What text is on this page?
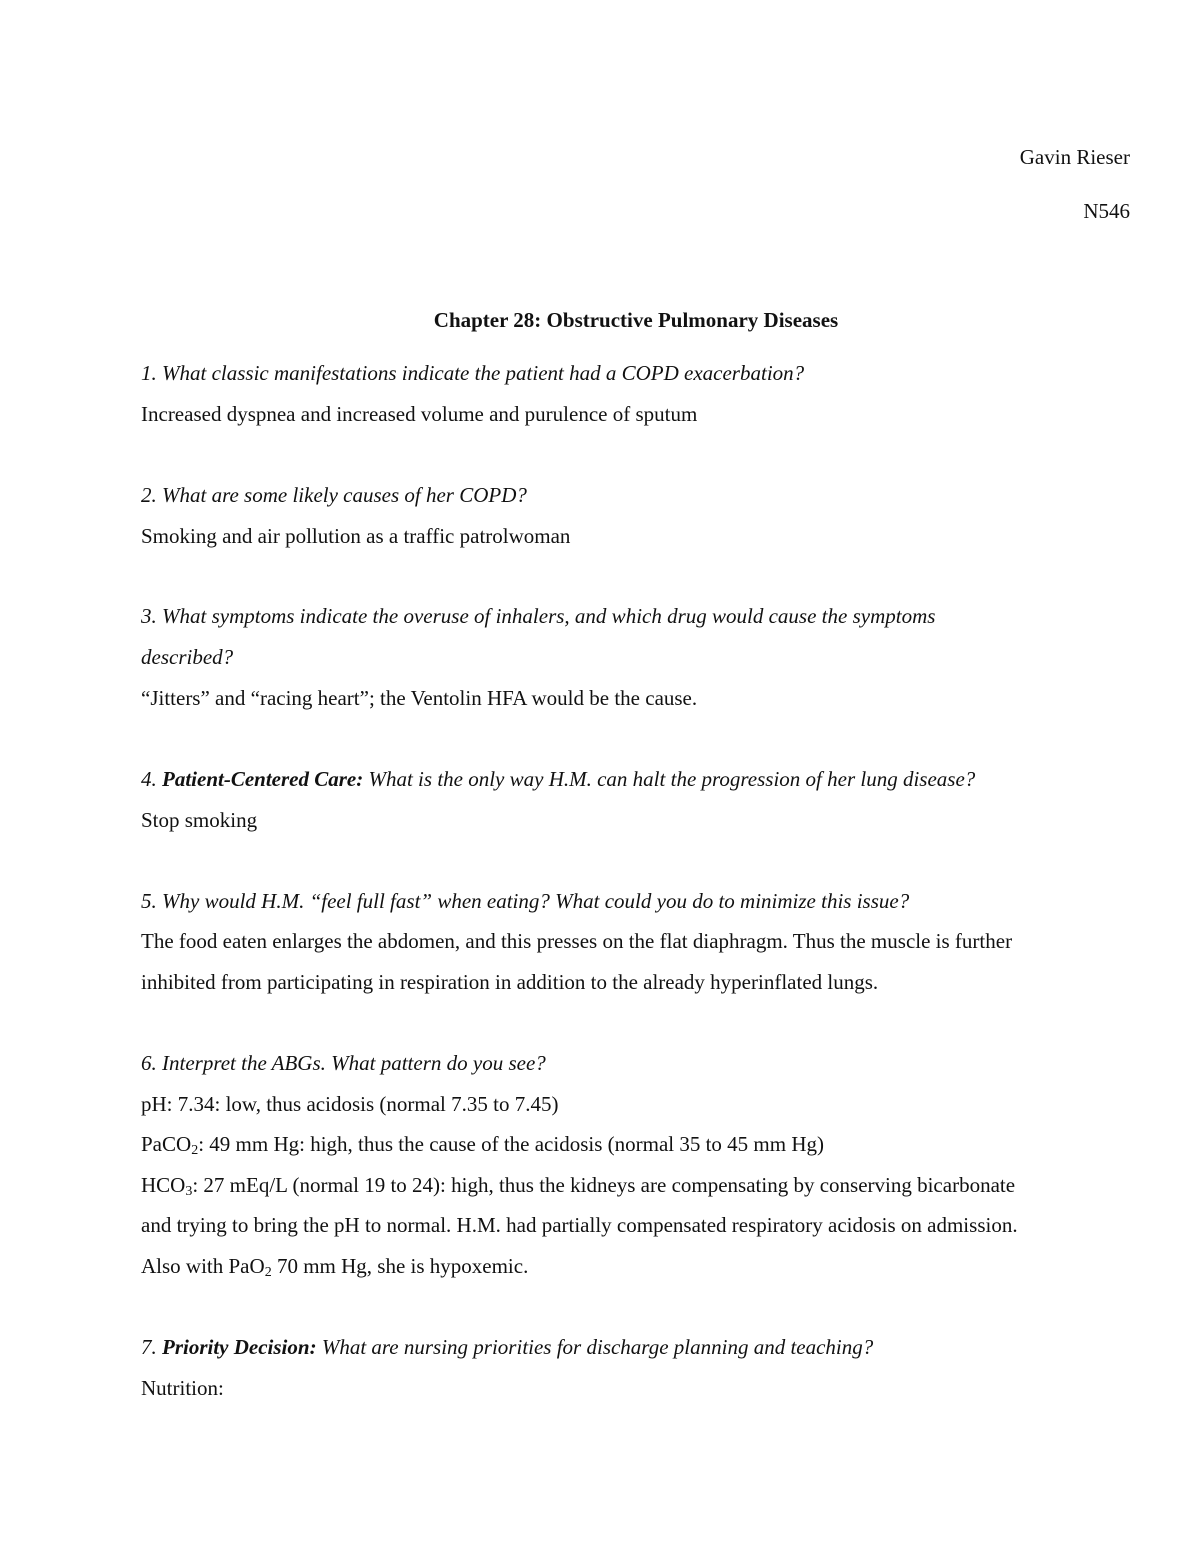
Gavin Rieser
N546
Chapter 28: Obstructive Pulmonary Diseases
1. What classic manifestations indicate the patient had a COPD exacerbation?
Increased dyspnea and increased volume and purulence of sputum
2. What are some likely causes of her COPD?
Smoking and air pollution as a traffic patrolwoman
3. What symptoms indicate the overuse of inhalers, and which drug would cause the symptoms
described?
“Jitters” and “racing heart”; the Ventolin HFA would be the cause.
4. Patient-Centered Care: What is the only way H.M. can halt the progression of her lung disease?
Stop smoking
5. Why would H.M. “feel full fast” when eating? What could you do to minimize this issue?
The food eaten enlarges the abdomen, and this presses on the flat diaphragm. Thus the muscle is further
inhibited from participating in respiration in addition to the already hyperinflated lungs.
6. Interpret the ABGs. What pattern do you see?
pH: 7.34: low, thus acidosis (normal 7.35 to 7.45)
PaCO$_2$: 49 mm Hg: high, thus the cause of the acidosis (normal 35 to 45 mm Hg)
$HCO_3$: 27 mEq/L (normal 19 to 24): high, thus the kidneys are compensating by conserving bicarbonate
and trying to bring the pH to normal. H.M. had partially compensated respiratory acidosis on admission.
Also with PaO$_2$ 70 mm Hg, she is hypoxemic.
7. Priority Decision: What are nursing priorities for discharge planning and teaching?
Nutrition:
